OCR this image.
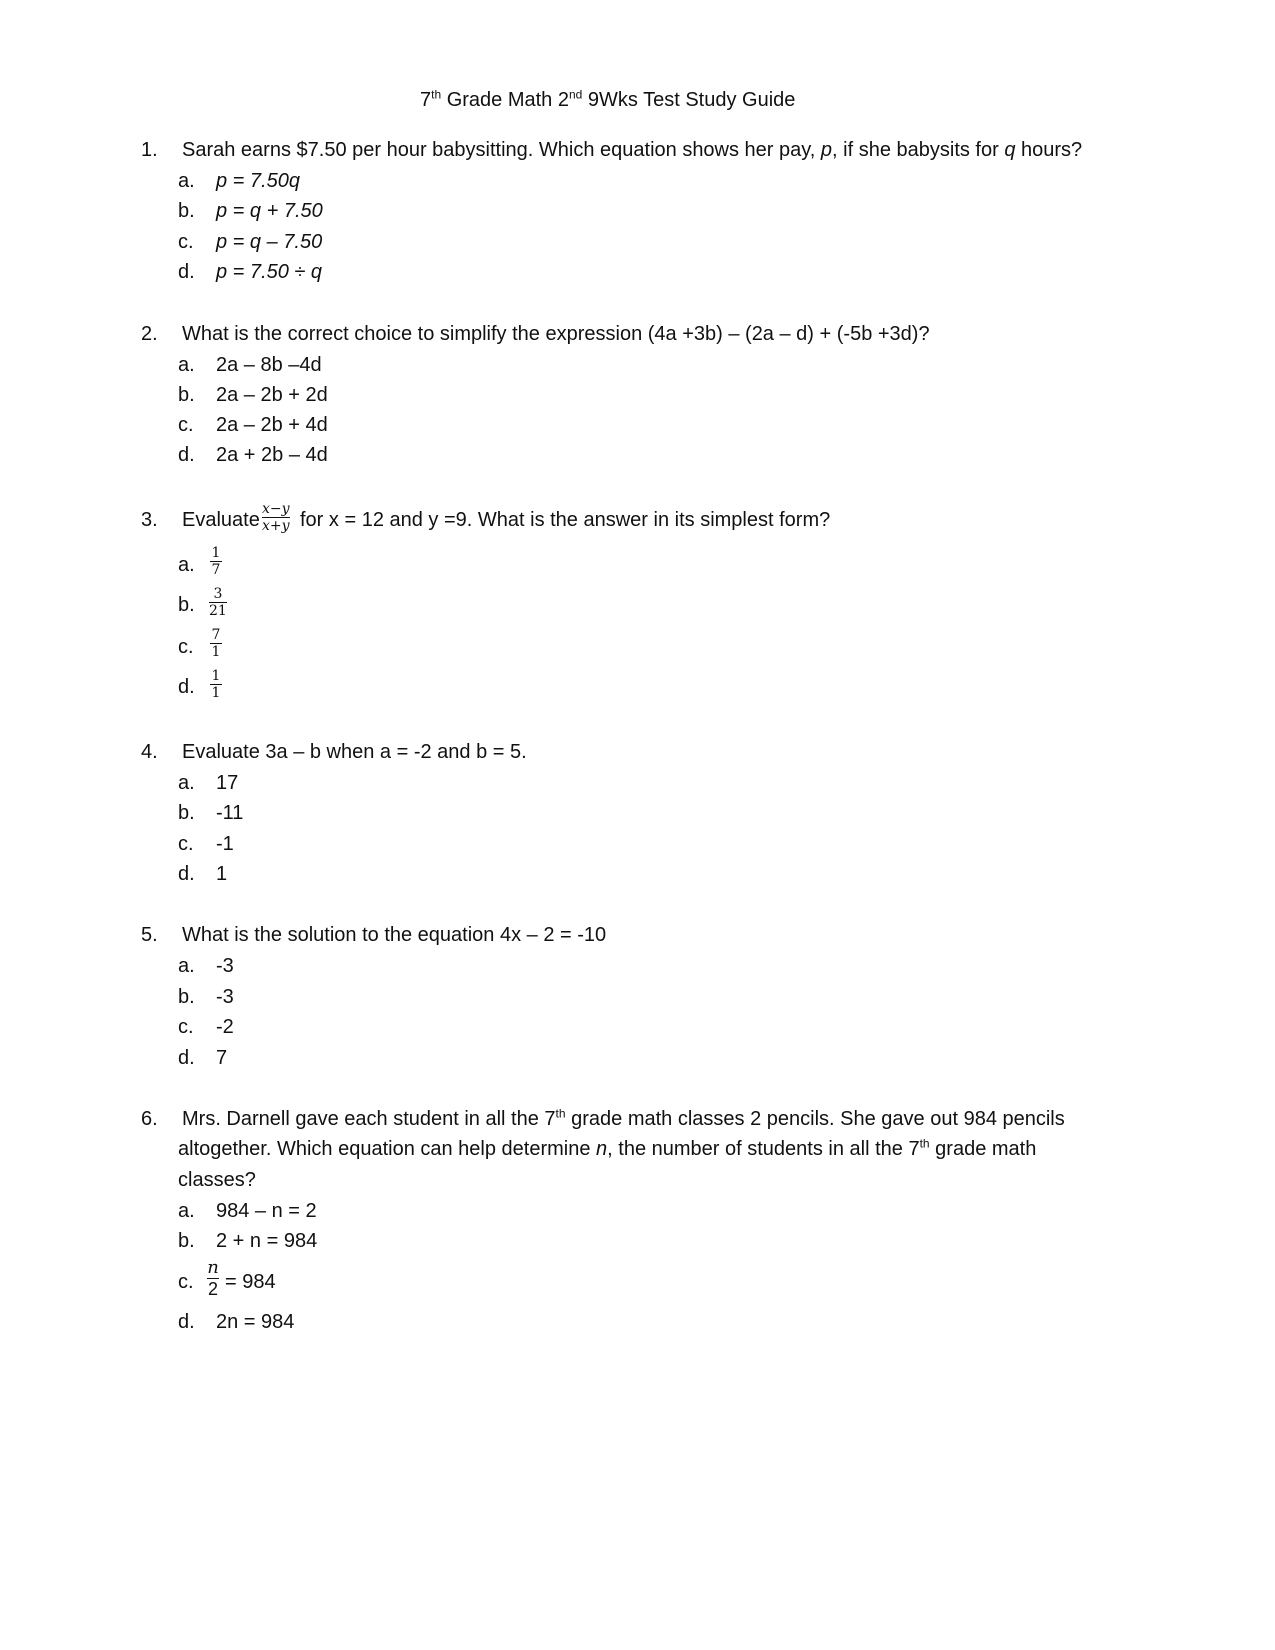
7th Grade Math 2nd 9Wks Test Study Guide
1. Sarah earns $7.50 per hour babysitting. Which equation shows her pay, p, if she babysits for q hours?
a. p = 7.50q
b. p = q + 7.50
c. p = q – 7.50
d. p = 7.50 ÷ q
2. What is the correct choice to simplify the expression (4a +3b) – (2a – d) + (-5b +3d)?
a. 2a – 8b –4d
b. 2a – 2b + 2d
c. 2a – 2b + 4d
d. 2a + 2b – 4d
3. Evaluate $\frac{x-y}{x+y}$ for x = 12 and y =9. What is the answer in its simplest form?
a. $\frac{1}{7}$
b. $\frac{3}{21}$
c. $\frac{7}{1}$
d. $\frac{1}{1}$
4. Evaluate 3a – b when a = -2 and b = 5.
a. 17
b. -11
c. -1
d. 1
5. What is the solution to the equation 4x – 2 = -10
a. -3
b. -3
c. -2
d. 7
6. Mrs. Darnell gave each student in all the 7th grade math classes 2 pencils. She gave out 984 pencils
altogether. Which equation can help determine n, the number of students in all the 7th grade math
classes?
a. 984 – n = 2
b. 2 + n = 984
c. $\frac{n}{2} = 984$
d. 2n = 984
